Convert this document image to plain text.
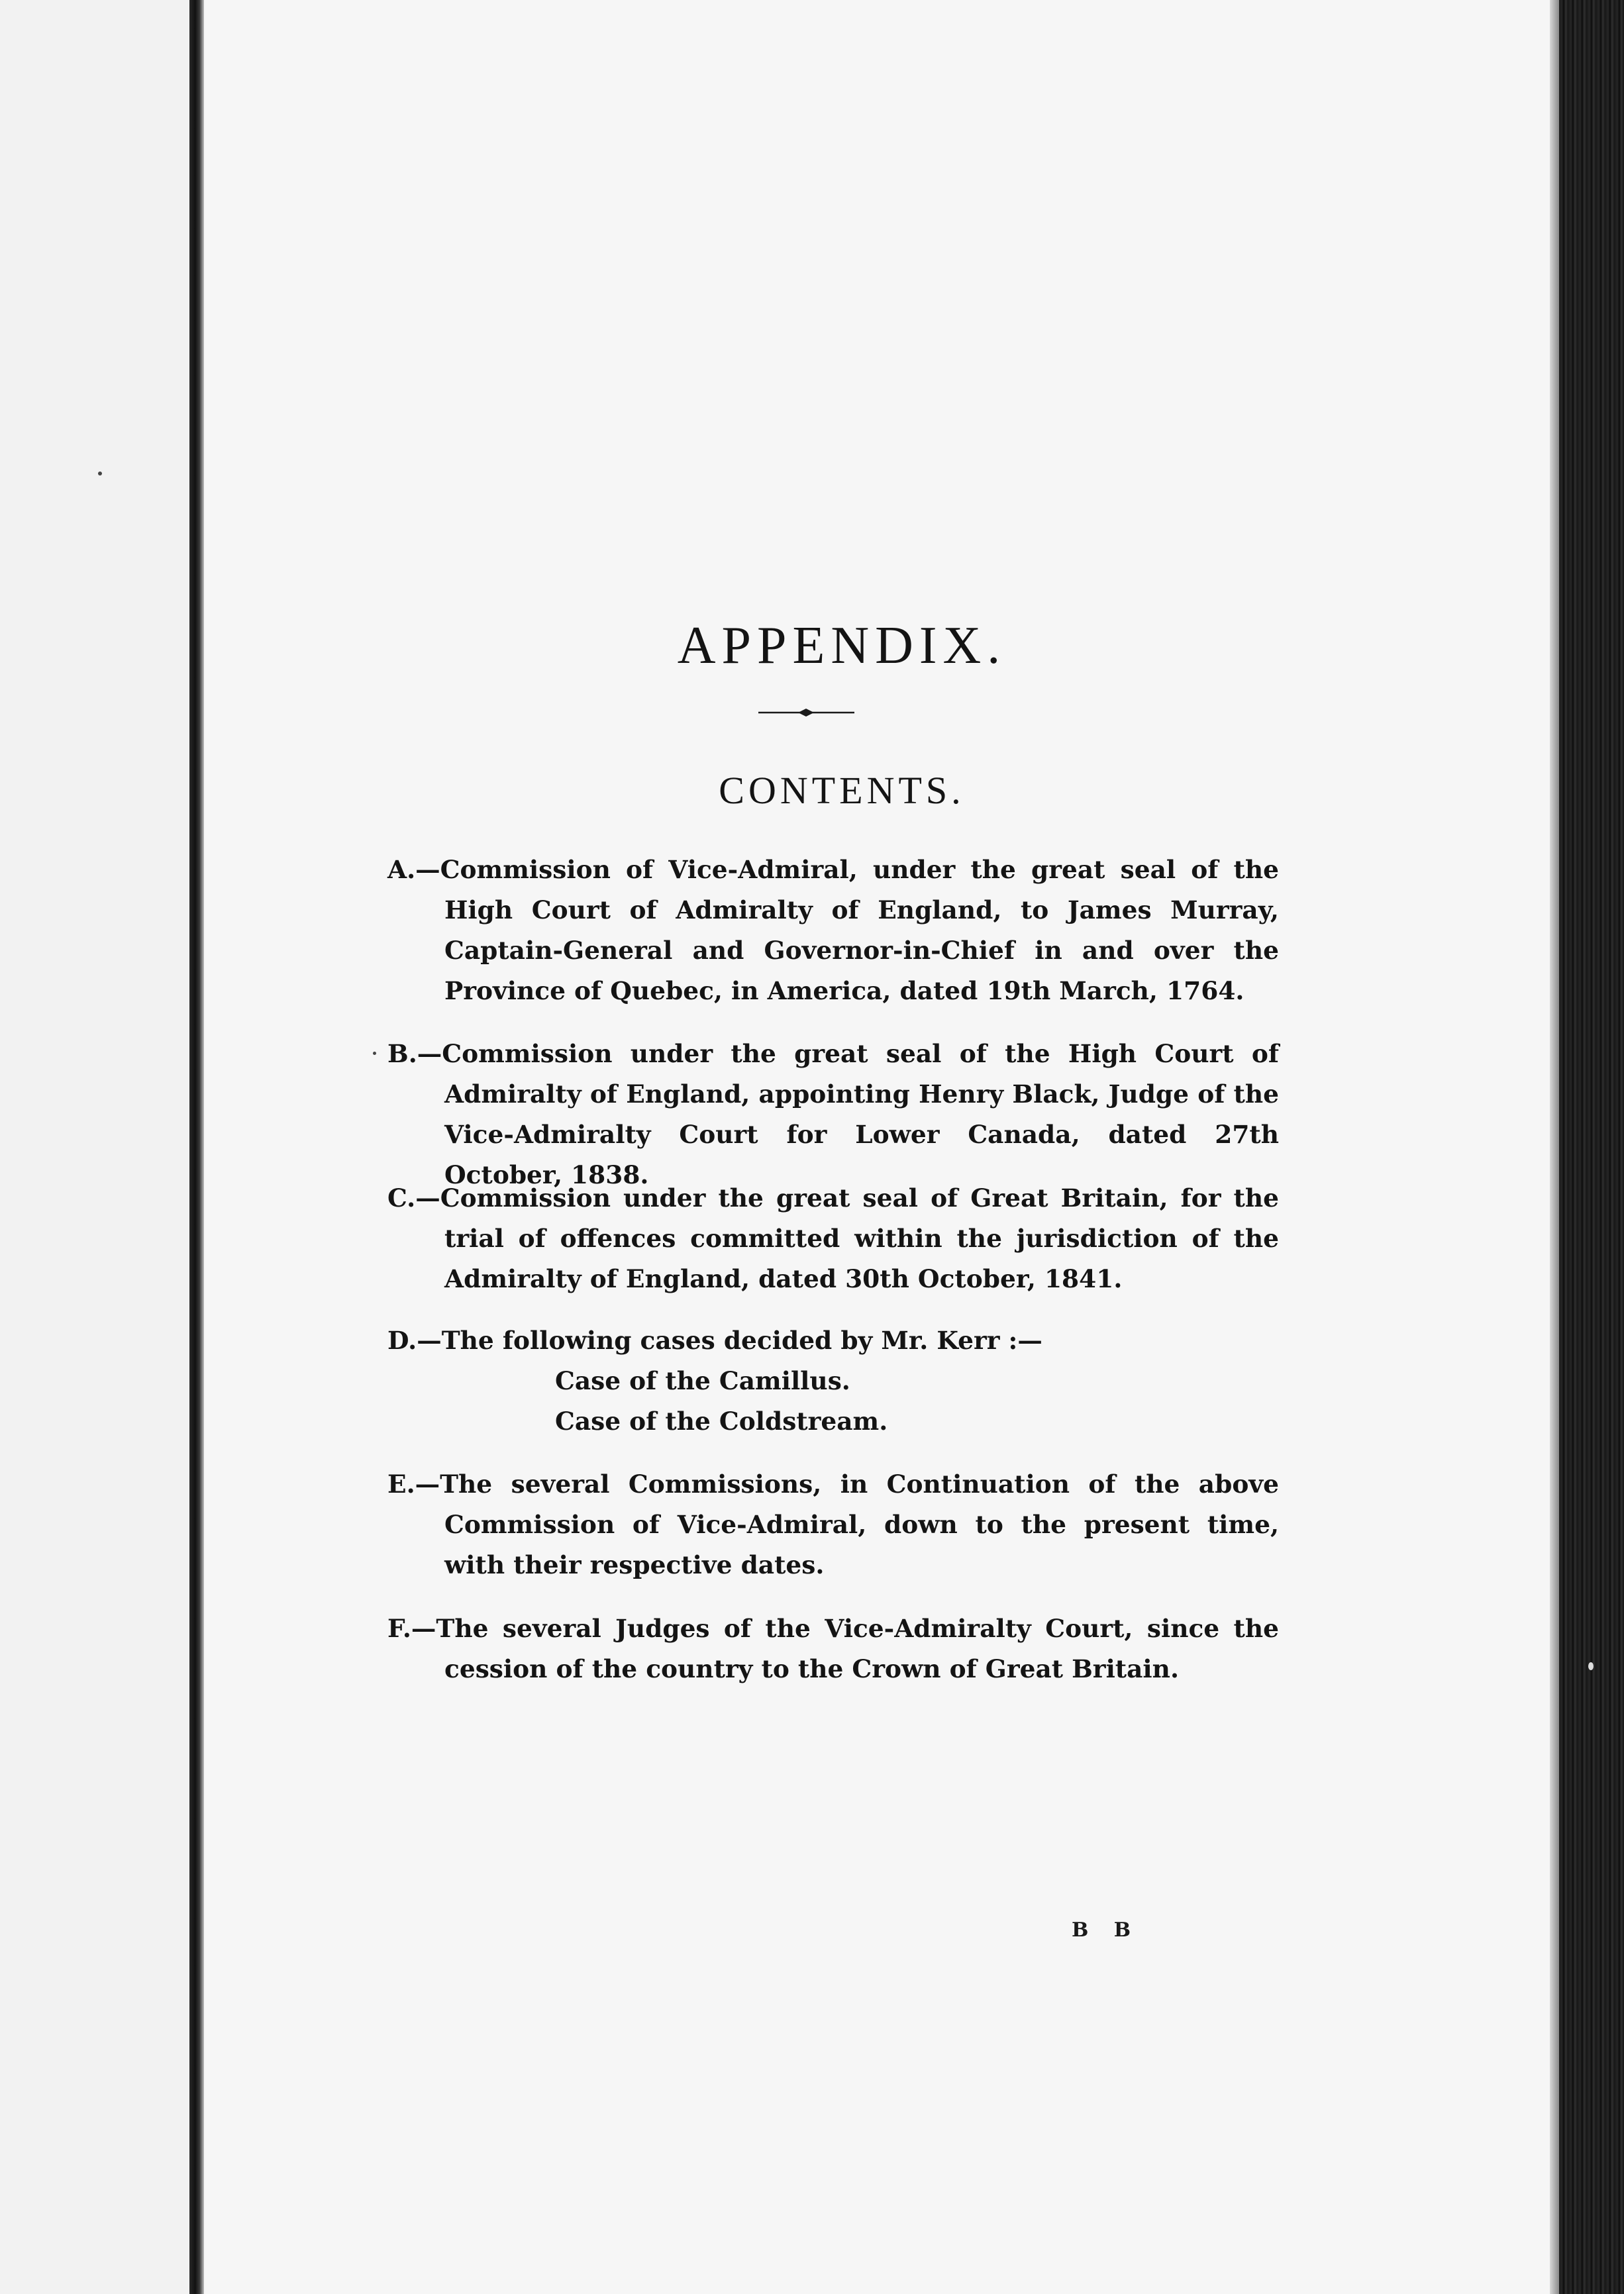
APPENDIX.
CONTENTS.
A.—Commission of Vice-Admiral, under the great seal of the High Court of Admiralty of England, to James Murray, Captain-General and Governor-in-Chief in and over the Province of Quebec, in America, dated 19th March, 1764.
B.—Commission under the great seal of the High Court of Admiralty of England, appointing Henry Black, Judge of the Vice-Admiralty Court for Lower Canada, dated 27th October, 1838.
C.—Commission under the great seal of Great Britain, for the trial of offences committed within the jurisdiction of the Admiralty of England, dated 30th October, 1841.
D.—The following cases decided by Mr. Kerr :—
Case of the Camillus.
Case of the Coldstream.
E.—The several Commissions, in Continuation of the above Commission of Vice-Admiral, down to the present time, with their respective dates.
F.—The several Judges of the Vice-Admiralty Court, since the cession of the country to the Crown of Great Britain.
B B
